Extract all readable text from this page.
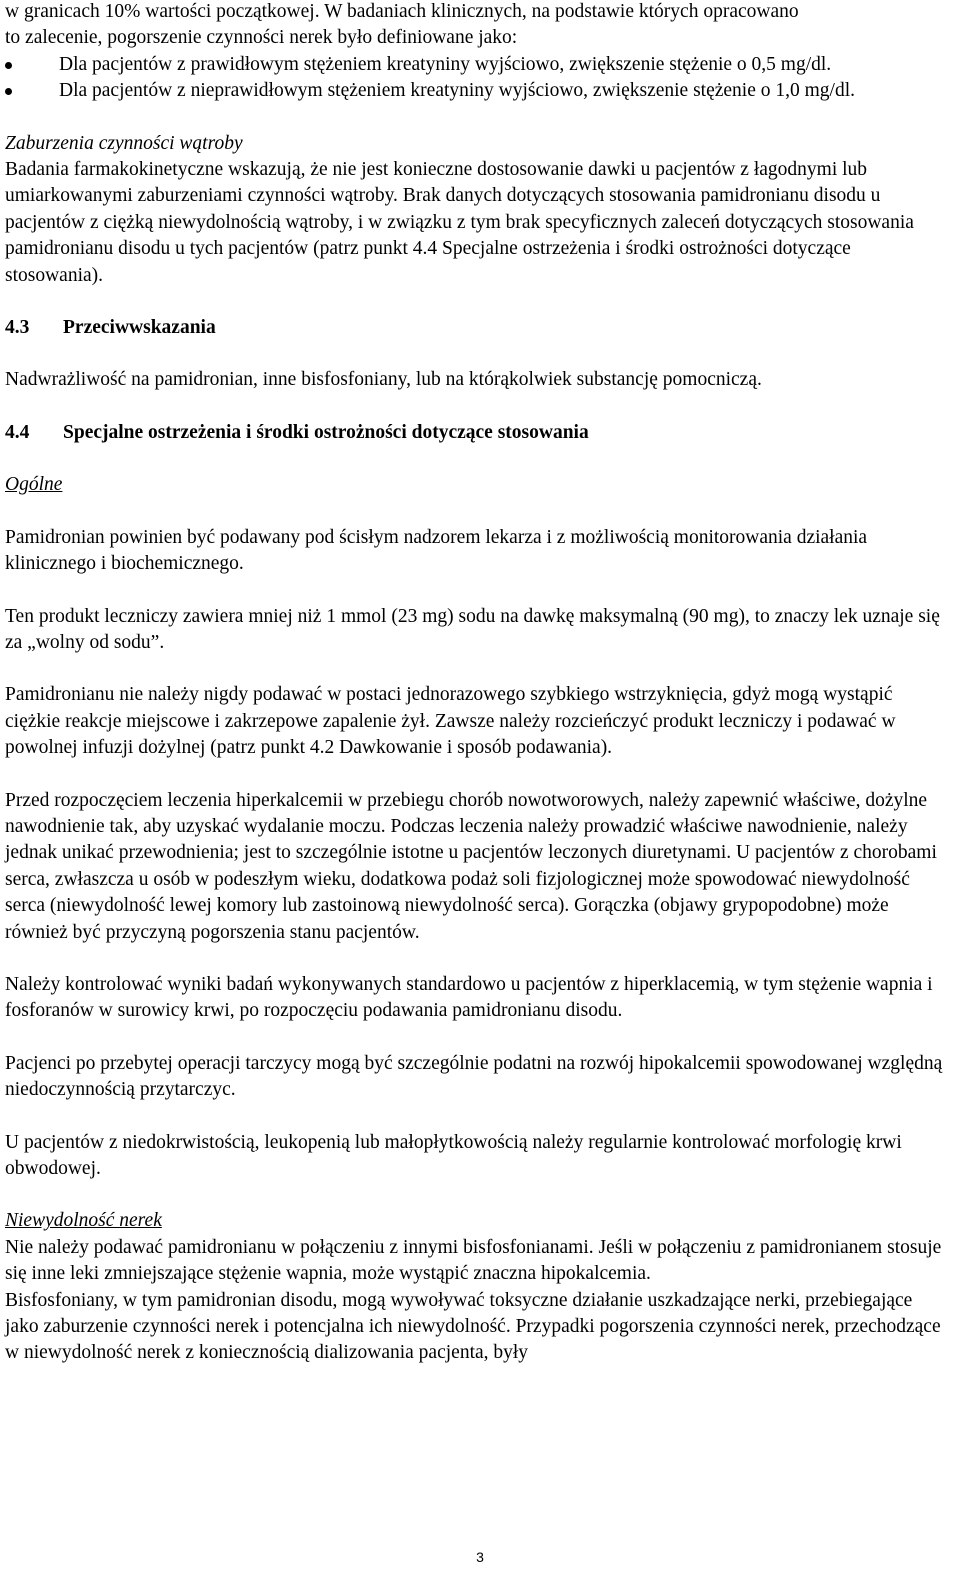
w granicach 10% wartości początkowej. W badaniach klinicznych, na podstawie których opracowano

to zalecenie, pogorszenie czynności nerek było definiowane jako:

Dla pacjentów z prawidłowym stężeniem kreatyniny wyjściowo, zwiększenie stężenie o 0,5 mg/dl.
Dla pacjentów z nieprawidłowym stężeniem kreatyniny wyjściowo, zwiększenie stężenie o 1,0 mg/dl.

Zaburzenia czynności wątroby

Badania farmakokinetyczne wskazują, że nie jest konieczne dostosowanie dawki u pacjentów z łagodnymi lub umiarkowanymi zaburzeniami czynności wątroby. Brak danych dotyczących stosowania pamidronianu disodu u pacjentów z ciężką niewydolnością wątroby, i w związku z tym brak specyficznych zaleceń dotyczących stosowania pamidronianu disodu u tych pacjentów (patrz punkt 4.4 Specjalne ostrzeżenia i środki ostrożności dotyczące stosowania).

4.3	Przeciwwskazania

Nadwrażliwość na pamidronian, inne bisfosfoniany, lub na którąkolwiek substancję pomocniczą.

4.4	Specjalne ostrzeżenia i środki ostrożności dotyczące stosowania

Ogólne

Pamidronian powinien być podawany pod ścisłym nadzorem lekarza i z możliwością monitorowania działania klinicznego i biochemicznego.

Ten produkt leczniczy zawiera mniej niż 1 mmol (23 mg) sodu na dawkę maksymalną (90 mg), to znaczy lek uznaje się za „wolny od sodu”.

Pamidronianu nie należy nigdy podawać w postaci jednorazowego szybkiego wstrzyknięcia, gdyż mogą wystąpić ciężkie reakcje miejscowe i zakrzepowe zapalenie żył. Zawsze należy rozcieńczyć produkt leczniczy i podawać w powolnej infuzji dożylnej (patrz punkt 4.2 Dawkowanie i sposób podawania).

Przed rozpoczęciem leczenia hiperkalcemii w przebiegu chorób nowotworowych, należy zapewnić właściwe, dożylne nawodnienie tak, aby uzyskać wydalanie moczu. Podczas leczenia należy prowadzić właściwe nawodnienie, należy jednak unikać przewodnienia; jest to szczególnie istotne u pacjentów leczonych diuretynami. U pacjentów z chorobami serca, zwłaszcza u osób w podeszłym wieku, dodatkowa podaż soli fizjologicznej może spowodować niewydolność serca (niewydolność lewej komory lub zastoinową niewydolność serca). Gorączka (objawy grypopodobne) może również być przyczyną pogorszenia stanu pacjentów.

Należy kontrolować wyniki badań wykonywanych standardowo u pacjentów z hiperklacemią, w tym stężenie wapnia i fosforanów w surowicy krwi, po rozpoczęciu podawania pamidronianu disodu.

Pacjenci po przebytej operacji tarczycy mogą być szczególnie podatni na rozwój hipokalcemii spowodowanej względną niedoczynnością przytarczyc.

U pacjentów z niedokrwistością, leukopenią lub małopłytkowością należy regularnie kontrolować morfologię krwi obwodowej.

Niewydolność nerek

Nie należy podawać pamidronianu w połączeniu z innymi bisfosfonianami. Jeśli w połączeniu z pamidronianem stosuje się inne leki zmniejszające stężenie wapnia, może wystąpić znaczna hipokalcemia.

Bisfosfoniany, w tym pamidronian disodu, mogą wywoływać toksyczne działanie uszkadzające nerki, przebiegające jako zaburzenie czynności nerek i potencjalna ich niewydolność. Przypadki pogorszenia czynności nerek, przechodzące w niewydolność nerek z koniecznością dializowania pacjenta, były

3
